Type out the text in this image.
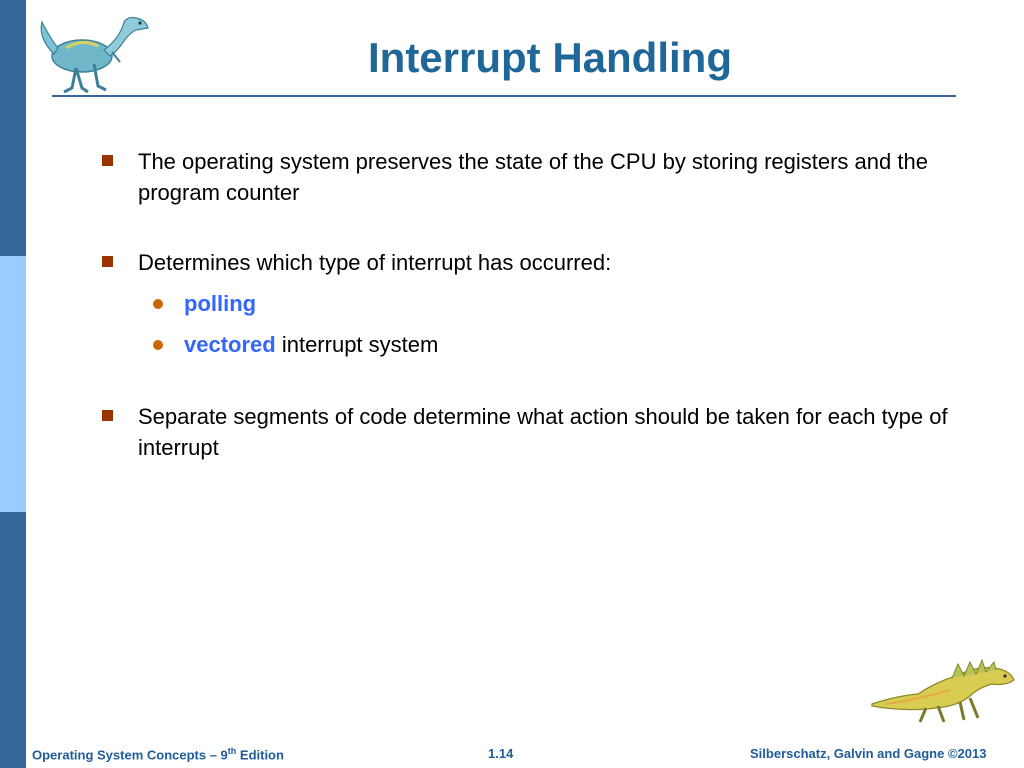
Interrupt Handling
The operating system preserves the state of the CPU by storing registers and the program counter
Determines which type of interrupt has occurred:
polling
vectored interrupt system
Separate segments of code determine what action should be taken for each type of interrupt
Operating System Concepts – 9th Edition	1.14	Silberschatz, Galvin and Gagne ©2013
